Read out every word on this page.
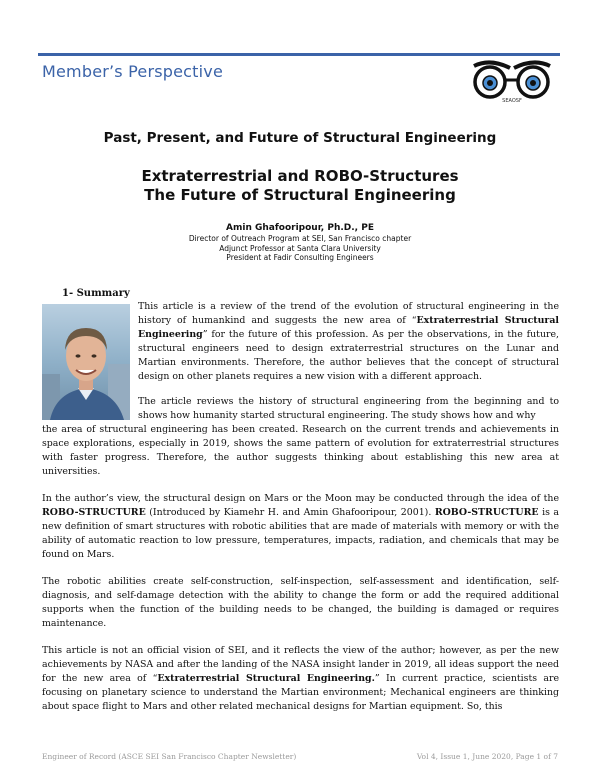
Member’s Perspective
SEAOSF
Past, Present, and Future of Structural Engineering
Extraterrestrial and ROBO-Structures
The Future of Structural Engineering
Amin Ghafooripour, Ph.D., PE
Director of Outreach Program at SEI, San Francisco chapter
Adjunct Professor at Santa Clara University
President at Fadir Consulting Engineers
1- Summary

This article is a review of the trend of the evolution of structural engineering in the history of humankind and suggests the new area of “Extraterrestrial Structural Engineering” for the future of this profession. As per the observations, in the future, structural engineers need to design extraterrestrial structures on the Lunar and Martian environments. Therefore, the author believes that the concept of structural design on other planets requires a new vision with a different approach.

The article reviews the history of structural engineering from the beginning and to shows how humanity started structural engineering. The study shows how and why

the area of structural engineering has been created. Research on the current trends and achievements in space explorations, especially in 2019, shows the same pattern of evolution for extraterrestrial structures with faster progress. Therefore, the author suggests thinking about establishing this new area at universities.

In the author’s view, the structural design on Mars or the Moon may be conducted through the idea of the ROBO-STRUCTURE (Introduced by Kiamehr H. and Amin Ghafooripour, 2001). ROBO-STRUCTURE is a new definition of smart structures with robotic abilities that are made of materials with memory or with the ability of automatic reaction to low pressure, temperatures, impacts, radiation, and chemicals that may be found on Mars.

The robotic abilities create self-construction, self-inspection, self-assessment and identification, self-diagnosis, and self-damage detection with the ability to change the form or add the required additional supports when the function of the building needs to be changed, the building is damaged or requires maintenance.

This article is not an official vision of SEI, and it reflects the view of the author; however, as per the new achievements by NASA and after the landing of the NASA insight lander in 2019, all ideas support the need for the new area of “Extraterrestrial Structural Engineering.” In current practice, scientists are focusing on planetary science to understand the Martian environment; Mechanical engineers are thinking about space flight to Mars and other related mechanical designs for Martian equipment. So, this

Engineer of Record (ASCE SEI San Francisco Chapter Newsletter)	Vol 4, Issue 1, June 2020, Page 1 of 7
